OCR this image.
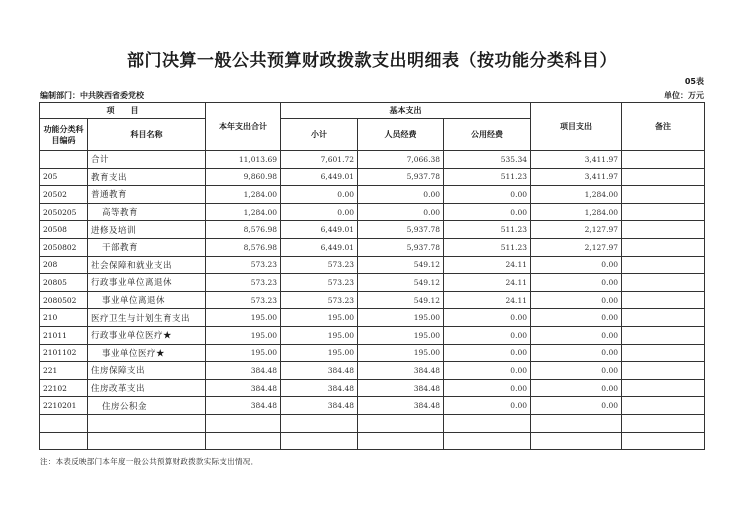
部门决算一般公共预算财政拨款支出明细表（按功能分类科目）
05表
编制部门：中共陕西省委党校	单位：万元
项　　目		本年支出合计	基本支出			项目支出	备注
功能分类科目编码	科目名称		小计	人员经费	公用经费		
	合计	11,013.69	7,601.72	7,066.38	535.34	3,411.97	
205	教育支出	9,860.98	6,449.01	5,937.78	511.23	3,411.97	
20502	普通教育	1,284.00	0.00	0.00	0.00	1,284.00	
2050205	高等教育	1,284.00	0.00	0.00	0.00	1,284.00	
20508	进修及培训	8,576.98	6,449.01	5,937.78	511.23	2,127.97	
2050802	干部教育	8,576.98	6,449.01	5,937.78	511.23	2,127.97	
208	社会保障和就业支出	573.23	573.23	549.12	24.11	0.00	
20805	行政事业单位离退休	573.23	573.23	549.12	24.11	0.00	
2080502	事业单位离退休	573.23	573.23	549.12	24.11	0.00	
210	医疗卫生与计划生育支出	195.00	195.00	195.00	0.00	0.00	
21011	行政事业单位医疗★	195.00	195.00	195.00	0.00	0.00	
2101102	事业单位医疗★	195.00	195.00	195.00	0.00	0.00	
221	住房保障支出	384.48	384.48	384.48	0.00	0.00	
22102	住房改革支出	384.48	384.48	384.48	0.00	0.00	
2210201	住房公积金	384.48	384.48	384.48	0.00	0.00	

注：本表反映部门本年度一般公共预算财政拨款实际支出情况．
